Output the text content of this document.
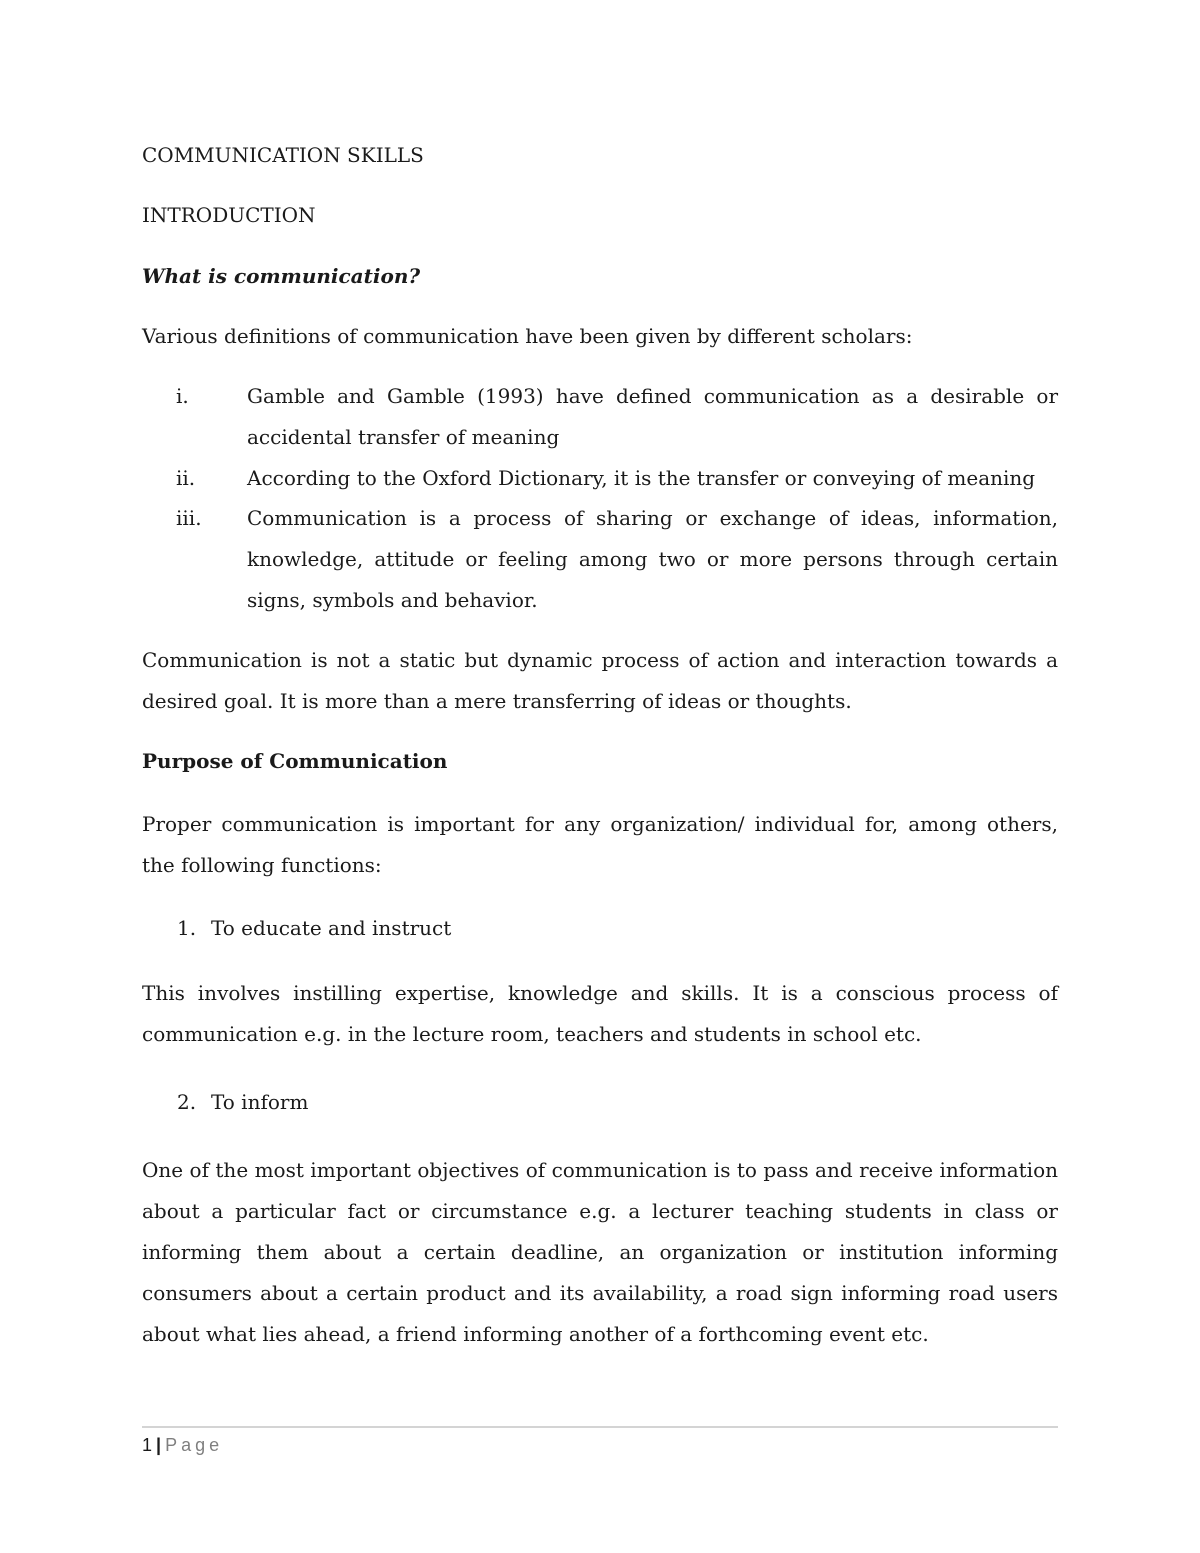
COMMUNICATION SKILLS

INTRODUCTION

What is communication?

Various definitions of communication have been given by different scholars:

i.	Gamble and Gamble (1993) have defined communication as a desirable or accidental transfer of meaning
ii.	According to the Oxford Dictionary, it is the transfer or conveying of meaning
iii. Communication is a process of sharing or exchange of ideas, information, knowledge, attitude or feeling among two or more persons through certain signs, symbols and behavior.

Communication is not a static but dynamic process of action and interaction towards a desired goal. It is more than a mere transferring of ideas or thoughts.

Purpose of Communication

Proper communication is important for any organization/ individual for, among others, the following functions:

1. To educate and instruct

This involves instilling expertise, knowledge and skills. It is a conscious process of communication e.g. in the lecture room, teachers and students in school etc.

2. To inform

One of the most important objectives of communication is to pass and receive information about a particular fact or circumstance e.g. a lecturer teaching students in class or informing them about a certain deadline, an organization or institution informing consumers about a certain product and its availability, a road sign informing road users about what lies ahead, a friend informing another of a forthcoming event etc.

1 | Page
